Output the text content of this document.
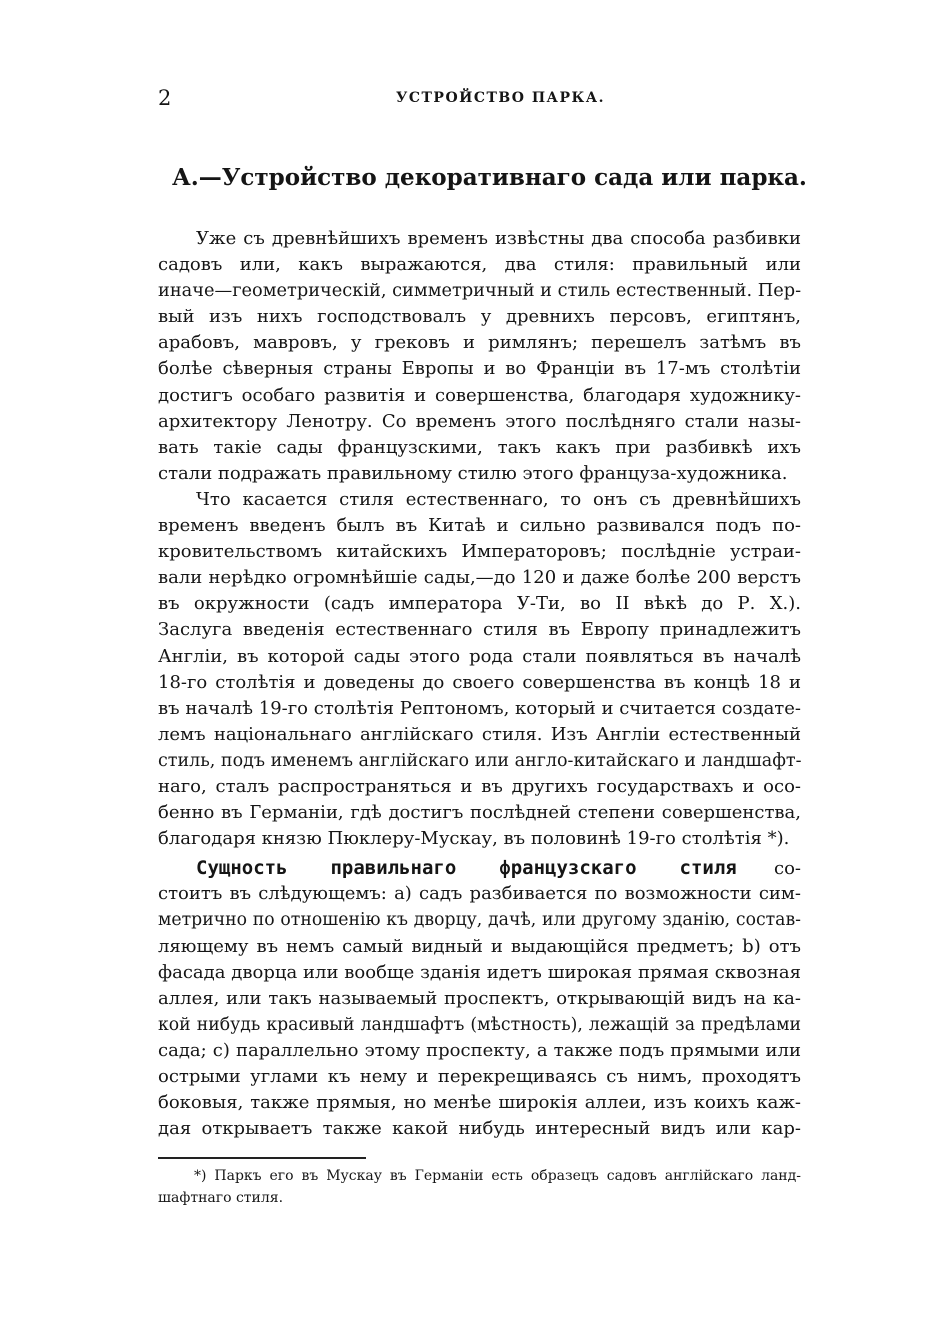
2	УСТРОЙСТВО ПАРКА.
А.—Устройство декоративнаго сада или парка.
Уже съ древнѣйшихъ временъ извѣстны два способа разбивки
садовъ или, какъ выражаются, два стиля: правильный или
иначе—геометрическій, симметричный и стиль естественный. Пер-
вый изъ нихъ господствовалъ у древнихъ персовъ, египтянъ,
арабовъ, мавровъ, у грековъ и римлянъ; перешелъ затѣмъ въ
болѣе сѣверныя страны Европы и во Франціи въ 17-мъ столѣтіи
достигъ особаго развитія и совершенства, благодаря художнику-
архитектору Ленотру. Со временъ этого послѣдняго стали назы-
вать такіе сады французскими, такъ какъ при разбивкѣ ихъ
стали подражать правильному стилю этого француза-художника.
Что касается стиля естественнаго, то онъ съ древнѣйшихъ
временъ введенъ былъ въ Китаѣ и сильно развивался подъ по-
кровительствомъ китайскихъ Императоровъ; послѣдніе устраи-
вали нерѣдко огромнѣйшіе сады,—до 120 и даже болѣе 200 верстъ
въ окружности (садъ императора У-Ти, во II вѣкѣ до Р. Х.).
Заслуга введенія естественнаго стиля въ Европу принадлежитъ
Англіи, въ которой сады этого рода стали появляться въ началѣ
18-го столѣтія и доведены до своего совершенства въ концѣ 18 и
въ началѣ 19-го столѣтія Рептономъ, который и считается создате-
лемъ національнаго англійскаго стиля. Изъ Англіи естественный
стиль, подъ именемъ англійскаго или англо-китайскаго и ландшафт-
наго, сталъ распространяться и въ другихъ государствахъ и осо-
бенно въ Германіи, гдѣ достигъ послѣдней степени совершенства,
благодаря князю Пюклеру-Мускау, въ половинѣ 19-го столѣтія *).
Сущность правильнаго французскаго стиля со-
стоитъ въ слѣдующемъ: а) садъ разбивается по возможности сим-
метрично по отношенію къ дворцу, дачѣ, или другому зданію, состав-
ляющему въ немъ самый видный и выдающійся предметъ; b) отъ
фасада дворца или вообще зданія идетъ широкая прямая сквозная
аллея, или такъ называемый проспектъ, открывающій видъ на ка-
кой нибудь красивый ландшафтъ (мѣстность), лежащій за предѣлами
сада; c) параллельно этому проспекту, а также подъ прямыми или
острыми углами къ нему и перекрещиваясь съ нимъ, проходятъ
боковыя, также прямыя, но менѣе широкія аллеи, изъ коихъ каж-
дая открываетъ также какой нибудь интересный видъ или кар-
*) Паркъ его въ Мускау въ Германіи есть образецъ садовъ англійскаго ланд-
шафтнаго стиля.
